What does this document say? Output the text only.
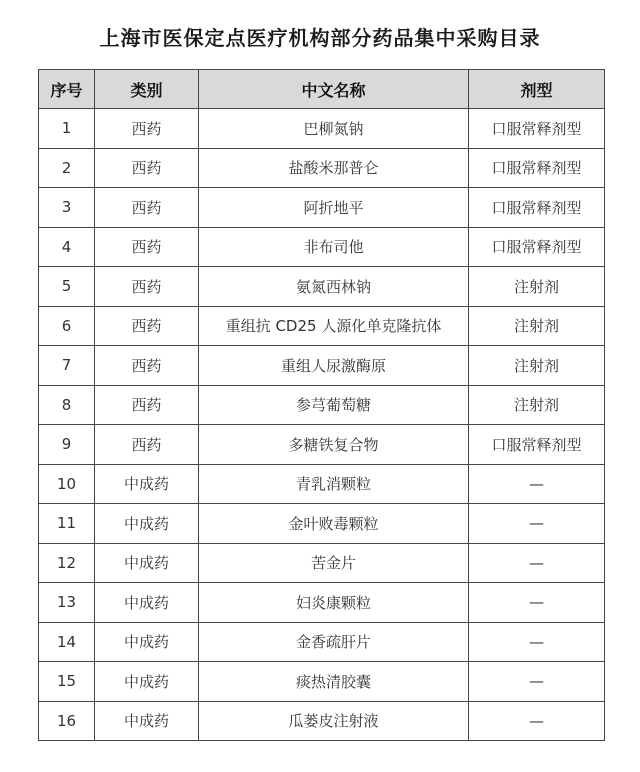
上海市医保定点医疗机构部分药品集中采购目录
序号	类别	中文名称	剂型
1	西药	巴柳氮钠	口服常释剂型
2	西药	盐酸米那普仑	口服常释剂型
3	西药	阿折地平	口服常释剂型
4	西药	非布司他	口服常释剂型
5	西药	氨氮西林钠	注射剂
6	西药	重组抗 CD25 人源化单克隆抗体	注射剂
7	西药	重组人尿激酶原	注射剂
8	西药	参芎葡萄糖	注射剂
9	西药	多糖铁复合物	口服常释剂型
10	中成药	青乳消颗粒	—
11	中成药	金叶败毒颗粒	—
12	中成药	苦金片	—
13	中成药	妇炎康颗粒	—
14	中成药	金香疏肝片	—
15	中成药	痰热清胶囊	—
16	中成药	瓜蒌皮注射液	—
